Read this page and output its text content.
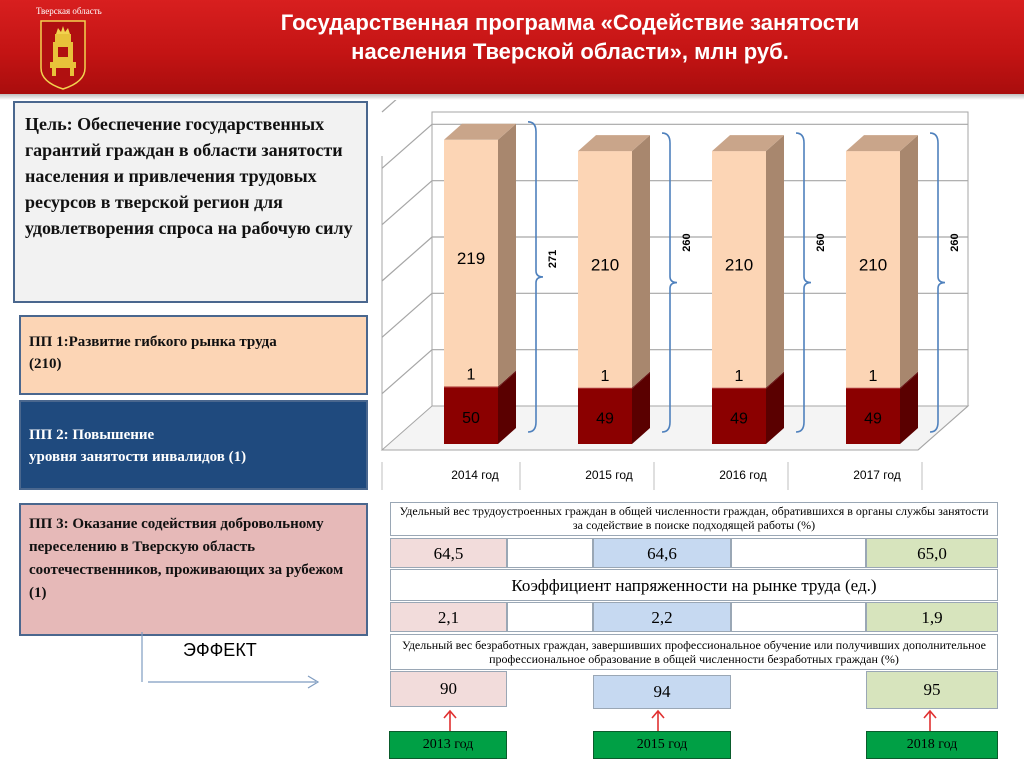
Тверская область	Государственная программа «Содействие занятости
населения Тверской области», млн руб.
Цель: Обеспечение государственных гарантий граждан в области занятости населения и привлечения трудовых ресурсов в тверской регион для удовлетворения спроса на рабочую силу
ПП 1:Развитие гибкого рынка труда
(210)
ПП 2: Повышение
уровня занятости инвалидов (1)
ПП 3: Оказание содействия добровольному переселению в Тверскую область соотечественников, проживающих за рубежом (1)
ЭФФЕКТ
50
1
219	271
49
1
210
260
49
1
210
260
49
1
210
260
2014 год	2015 год	2016 год	2017 год
Удельный вес трудоустроенных граждан в общей численности граждан, обратившихся в органы службы занятости за содействие в поиске подходящей работы (%)
64,5	64,6	65,0
Коэффициент напряженности на рынке труда (ед.)
2,1	2,2	1,9
Удельный вес безработных граждан, завершивших профессиональное обучение или получивших дополнительное профессиональное образование в общей численности безработных граждан (%)
90	94	95
2013 год	2015 год	2018 год
